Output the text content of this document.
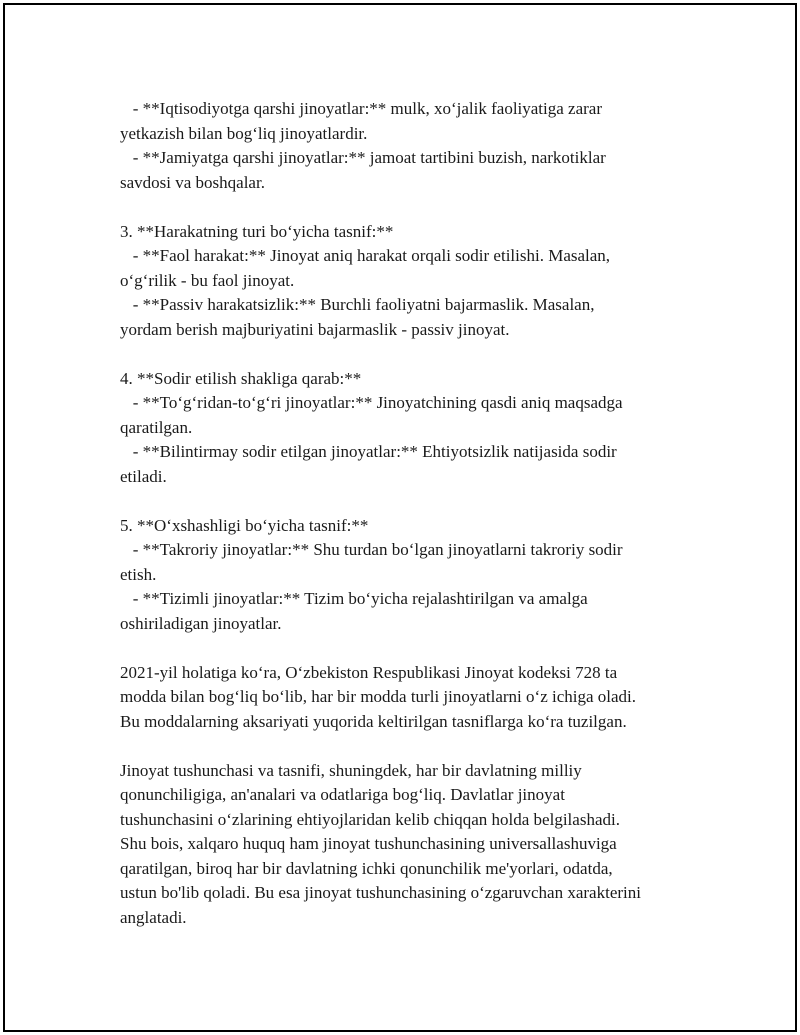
- **Iqtisodiyotga qarshi jinoyatlar:** mulk, xo‘jalik faoliyatiga zarar
yetkazish bilan bog‘liq jinoyatlardir.
- **Jamiyatga qarshi jinoyatlar:** jamoat tartibini buzish, narkotiklar
savdosi va boshqalar.
3. **Harakatning turi bo‘yicha tasnif:**
- **Faol harakat:** Jinoyat aniq harakat orqali sodir etilishi. Masalan,
o‘g‘rilik - bu faol jinoyat.
- **Passiv harakatsizlik:** Burchli faoliyatni bajarmaslik. Masalan,
yordam berish majburiyatini bajarmaslik - passiv jinoyat.
4. **Sodir etilish shakliga qarab:**
- **To‘g‘ridan-to‘g‘ri jinoyatlar:** Jinoyatchining qasdi aniq maqsadga
qaratilgan.
- **Bilintirmay sodir etilgan jinoyatlar:** Ehtiyotsizlik natijasida sodir
etiladi.
5. **O‘xshashligi bo‘yicha tasnif:**
- **Takroriy jinoyatlar:** Shu turdan bo‘lgan jinoyatlarni takroriy sodir
etish.
- **Tizimli jinoyatlar:** Tizim bo‘yicha rejalashtirilgan va amalga
oshiriladigan jinoyatlar.
2021-yil holatiga ko‘ra, O‘zbekiston Respublikasi Jinoyat kodeksi 728 ta
modda bilan bog‘liq bo‘lib, har bir modda turli jinoyatlarni o‘z ichiga oladi.
Bu moddalarning aksariyati yuqorida keltirilgan tasniflarga ko‘ra tuzilgan.
Jinoyat tushunchasi va tasnifi, shuningdek, har bir davlatning milliy
qonunchiligiga, an'analari va odatlariga bog‘liq. Davlatlar jinoyat
tushunchasini o‘zlarining ehtiyojlaridan kelib chiqqan holda belgilashadi.
Shu bois, xalqaro huquq ham jinoyat tushunchasining universallashuviga
qaratilgan, biroq har bir davlatning ichki qonunchilik me'yorlari, odatda,
ustun bo'lib qoladi. Bu esa jinoyat tushunchasining o‘zgaruvchan xarakterini
anglatadi.
